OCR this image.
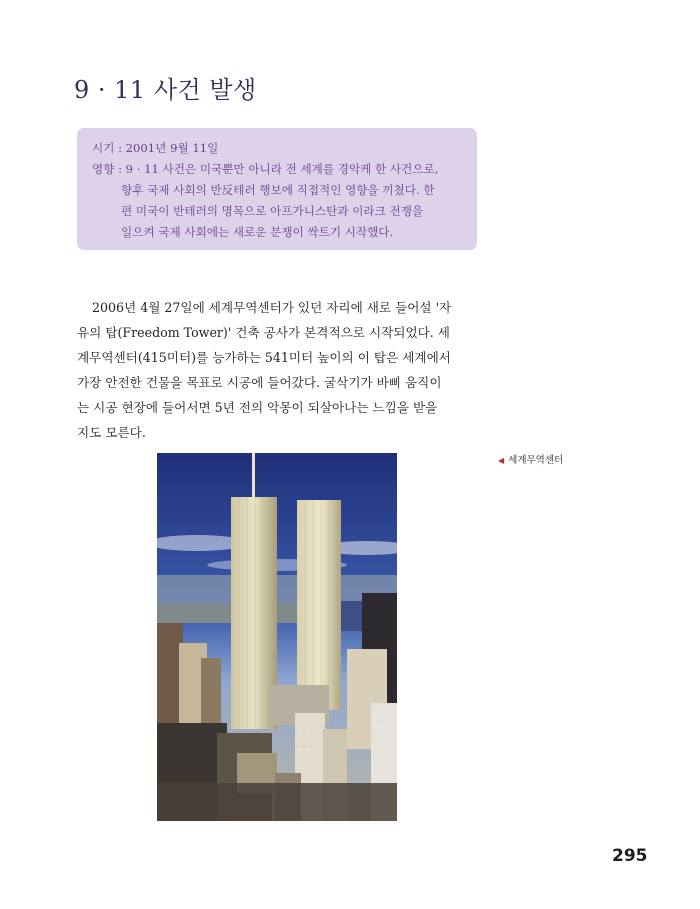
9 · 11 사건 발생
시기 : 2001년 9월 11일
영향 : 9 · 11 사건은 미국뿐만 아니라 전 세계를 경악케 한 사건으로,
향후 국제 사회의 반反테러 행보에 직접적인 영향을 끼쳤다. 한
편 미국이 반테러의 명목으로 아프가니스탄과 이라크 전쟁을
일으켜 국제 사회에는 새로운 분쟁이 싹트기 시작했다.
2006년 4월 27일에 세계무역센터가 있던 자리에 새로 들어설 '자
유의 탑(Freedom Tower)' 건축 공사가 본격적으로 시작되었다. 세
계무역센터(415미터)를 능가하는 541미터 높이의 이 탑은 세계에서
가장 안전한 건물을 목표로 시공에 들어갔다. 굴삭기가 바삐 움직이
는 시공 현장에 들어서면 5년 전의 악몽이 되살아나는 느낌을 받을
지도 모른다.
◀ 세계무역센터
295
